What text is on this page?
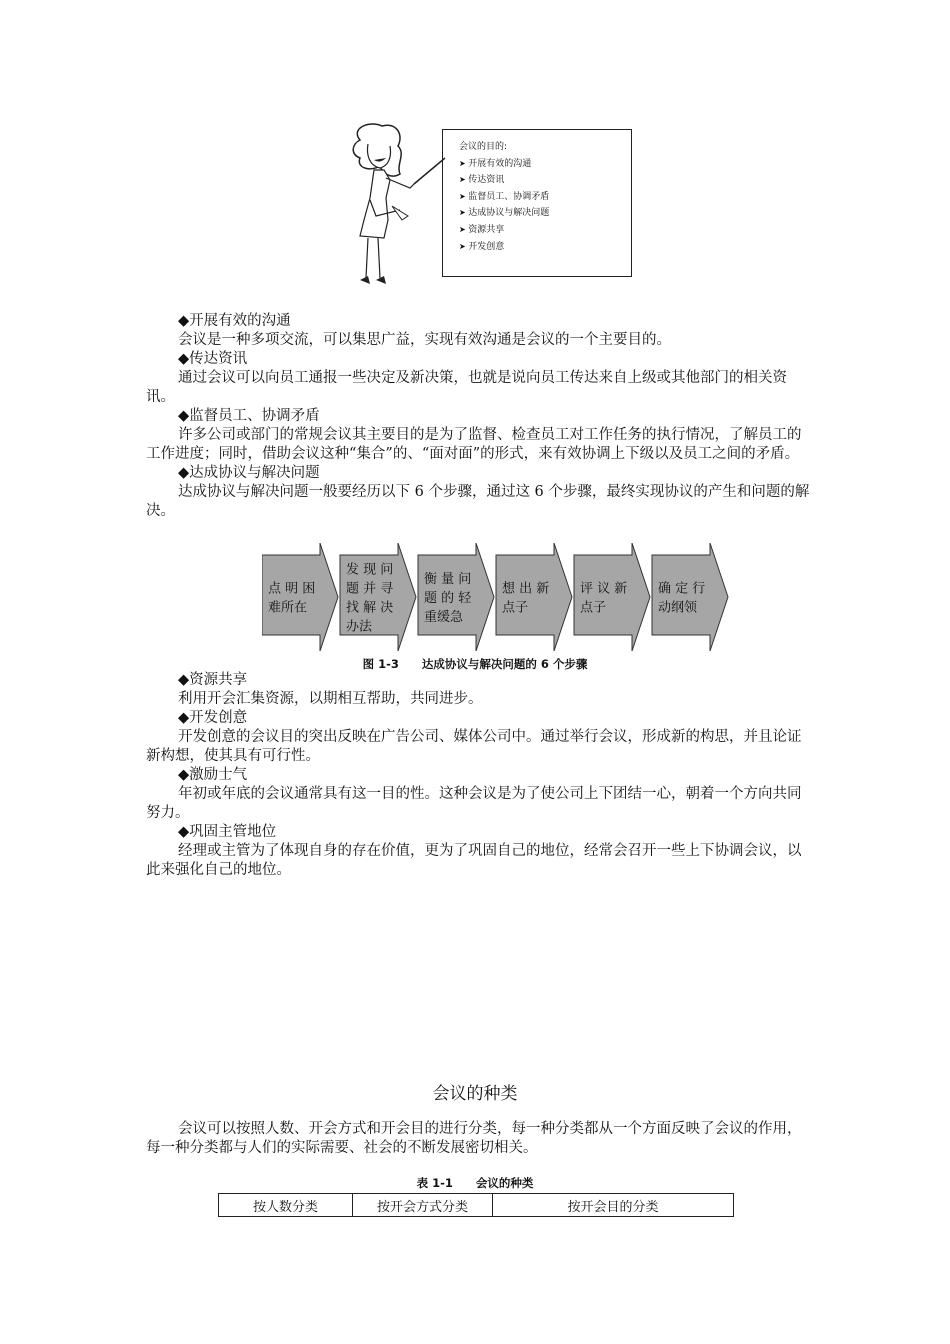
会议的目的:
➤ 开展有效的沟通
➤ 传达资讯
➤ 监督员工、协调矛盾
➤ 达成协议与解决问题
➤ 资源共享
➤ 开发创意

◆开展有效的沟通

会议是一种多项交流，可以集思广益，实现有效沟通是会议的一个主要目的。

◆传达资讯

通过会议可以向员工通报一些决定及新决策，也就是说向员工传达来自上级或其他部门的相关资讯。

◆监督员工、协调矛盾

许多公司或部门的常规会议其主要目的是为了监督、检查员工对工作任务的执行情况，了解员工的工作进度；同时，借助会议这种“集合”的、“面对面”的形式，来有效协调上下级以及员工之间的矛盾。

◆达成协议与解决问题

达成协议与解决问题一般要经历以下 6 个步骤，通过这 6 个步骤，最终实现协议的产生和问题的解决。

点 明 困
难所在
发 现 问
题 并 寻
找 解 决
办法
衡 量 问
题 的 轻
重缓急
想 出 新
点子
评 议 新
点子
确 定 行
动纲领
图 1-3　　达成协议与解决问题的 6 个步骤

◆资源共享

利用开会汇集资源，以期相互帮助，共同进步。

◆开发创意

开发创意的会议目的突出反映在广告公司、媒体公司中。通过举行会议，形成新的构思，并且论证新构想，使其具有可行性。

◆激励士气

年初或年底的会议通常具有这一目的性。这种会议是为了使公司上下团结一心，朝着一个方向共同努力。

◆巩固主管地位

经理或主管为了体现自身的存在价值，更为了巩固自己的地位，经常会召开一些上下协调会议，以此来强化自己的地位。

会议的种类

会议可以按照人数、开会方式和开会目的进行分类，每一种分类都从一个方面反映了会议的作用，每一种分类都与人们的实际需要、社会的不断发展密切相关。

表 1-1　　会议的种类
按人数分类	按开会方式分类	按开会目的分类
